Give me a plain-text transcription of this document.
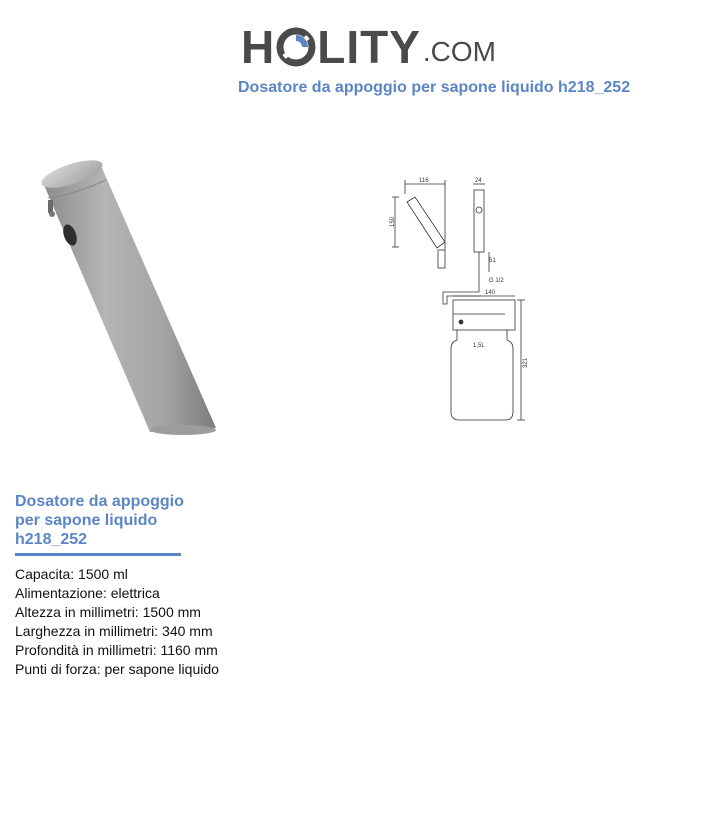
H LITY .COM
Dosatore da appoggio per sapone liquido h218_252
116	24
150
51
G 1/2
140
1,5L
321
Dosatore da appoggio
per sapone liquido
h218_252
Capacita: 1500 ml
Alimentazione: elettrica
Altezza in millimetri: 1500 mm
Larghezza in millimetri: 340 mm
Profondità in millimetri: 1160 mm
Punti di forza: per sapone liquido
